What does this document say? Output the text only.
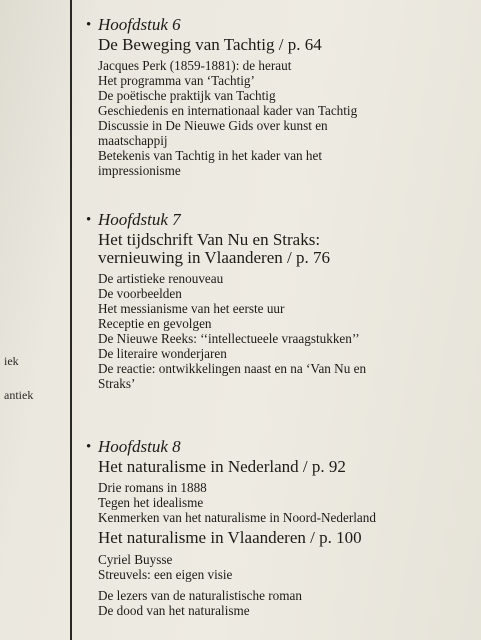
iek
antiek
• Hoofdstuk 6
De Beweging van Tachtig / p. 64
Jacques Perk (1859-1881): de heraut
Het programma van ‘Tachtig’
De poëtische praktijk van Tachtig
Geschiedenis en internationaal kader van Tachtig
Discussie in De Nieuwe Gids over kunst en
maatschappij
Betekenis van Tachtig in het kader van het
impressionisme
• Hoofdstuk 7
Het tijdschrift Van Nu en Straks:
vernieuwing in Vlaanderen / p. 76
De artistieke renouveau
De voorbeelden
Het messianisme van het eerste uur
Receptie en gevolgen
De Nieuwe Reeks: ‘‘intellectueele vraagstukken’’
De literaire wonderjaren
De reactie: ontwikkelingen naast en na ‘Van Nu en
Straks’
• Hoofdstuk 8
Het naturalisme in Nederland / p. 92
Drie romans in 1888
Tegen het idealisme
Kenmerken van het naturalisme in Noord-Nederland
Het naturalisme in Vlaanderen / p. 100
Cyriel Buysse
Streuvels: een eigen visie
De lezers van de naturalistische roman
De dood van het naturalisme
